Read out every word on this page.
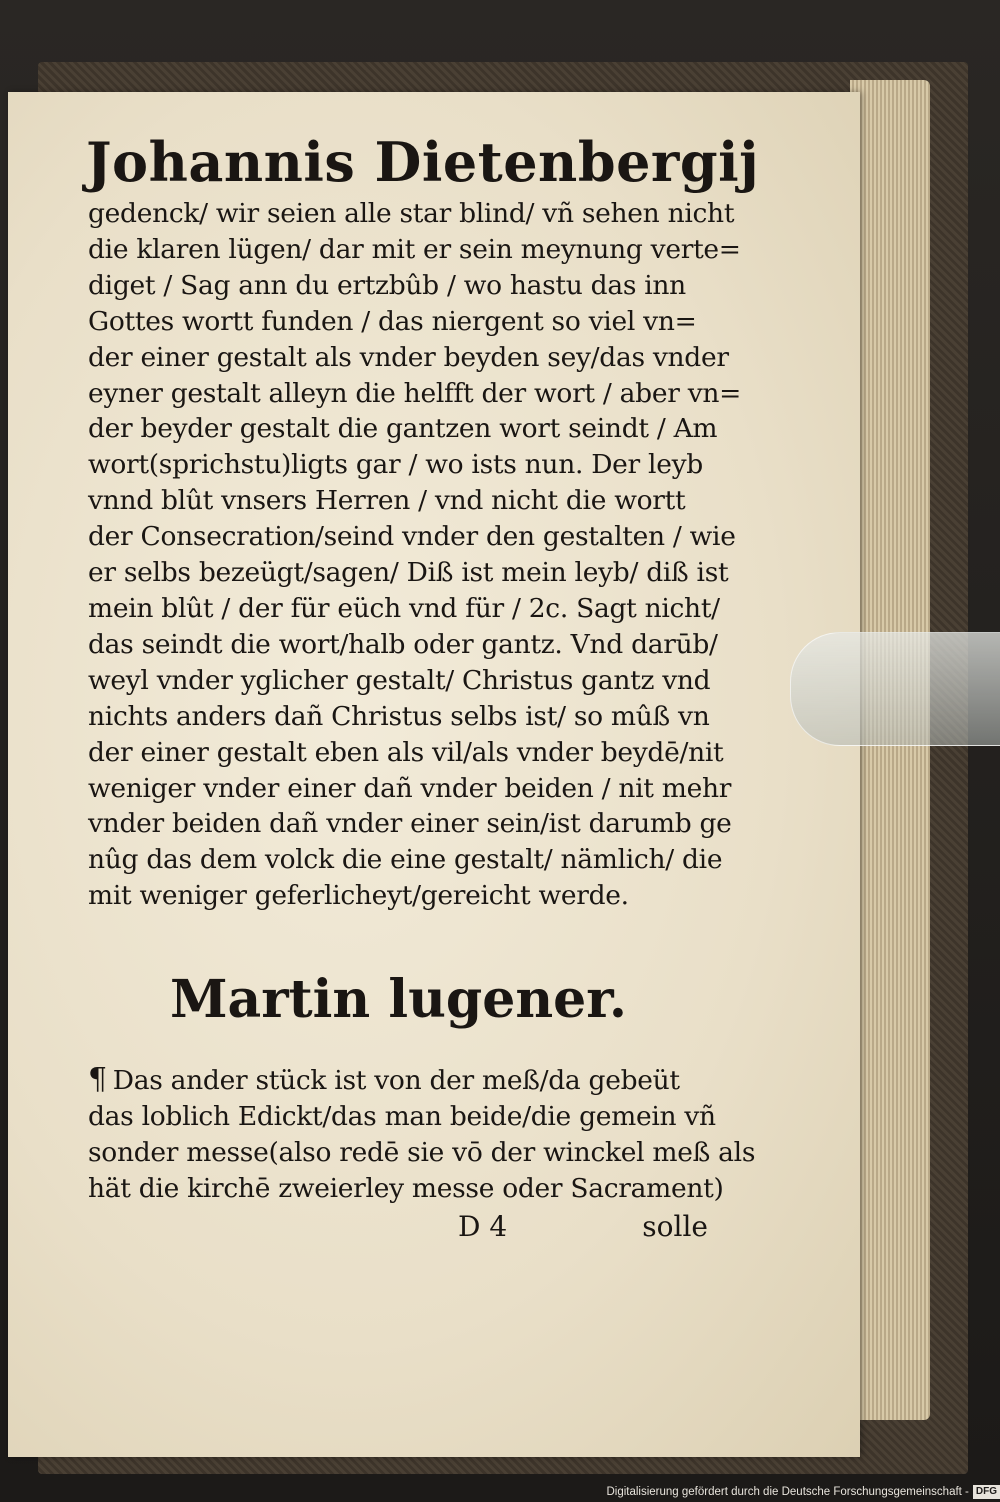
Johannis Dietenbergij
gedenck/ wir seien alle star blind/ vñ sehen nicht
die klaren lügen/ dar mit er sein meynung verte=
diget / Sag ann du ertzbûb / wo hastu das inn
Gottes wortt funden / das niergent so viel vn=
der einer gestalt als vnder beyden sey/das vnder
eyner gestalt alleyn die helfft der wort / aber vn=
der beyder gestalt die gantzen wort seindt / Am
wort(sprichstu)ligts gar / wo ists nun. Der leyb
vnnd blût vnsers Herren / vnd nicht die wortt
der Consecration/seind vnder den gestalten / wie
er selbs bezeügt/sagen/ Diß ist mein leyb/ diß ist
mein blût / der für eüch vnd für / 2c. Sagt nicht/
das seindt die wort/halb oder gantz. Vnd darūb/
weyl vnder yglicher gestalt/ Christus gantz vnd
nichts anders dañ Christus selbs ist/ so mûß vn
der einer gestalt eben als vil/als vnder beydē/nit
weniger vnder einer dañ vnder beiden / nit mehr
vnder beiden dañ vnder einer sein/ist darumb ge
nûg das dem volck die eine gestalt/ nämlich/ die
mit weniger geferlicheyt/gereicht werde.
Martin lugener.
¶ Das ander stück ist von der meß/da gebeüt
das loblich Edickt/das man beide/die gemein vñ
sonder messe(also redē sie vō der winckel meß als
hät die kirchē zweierley messe oder Sacrament)
D 4	solle
Digitalisierung gefördert durch die Deutsche Forschungsgemeinschaft - DFG
